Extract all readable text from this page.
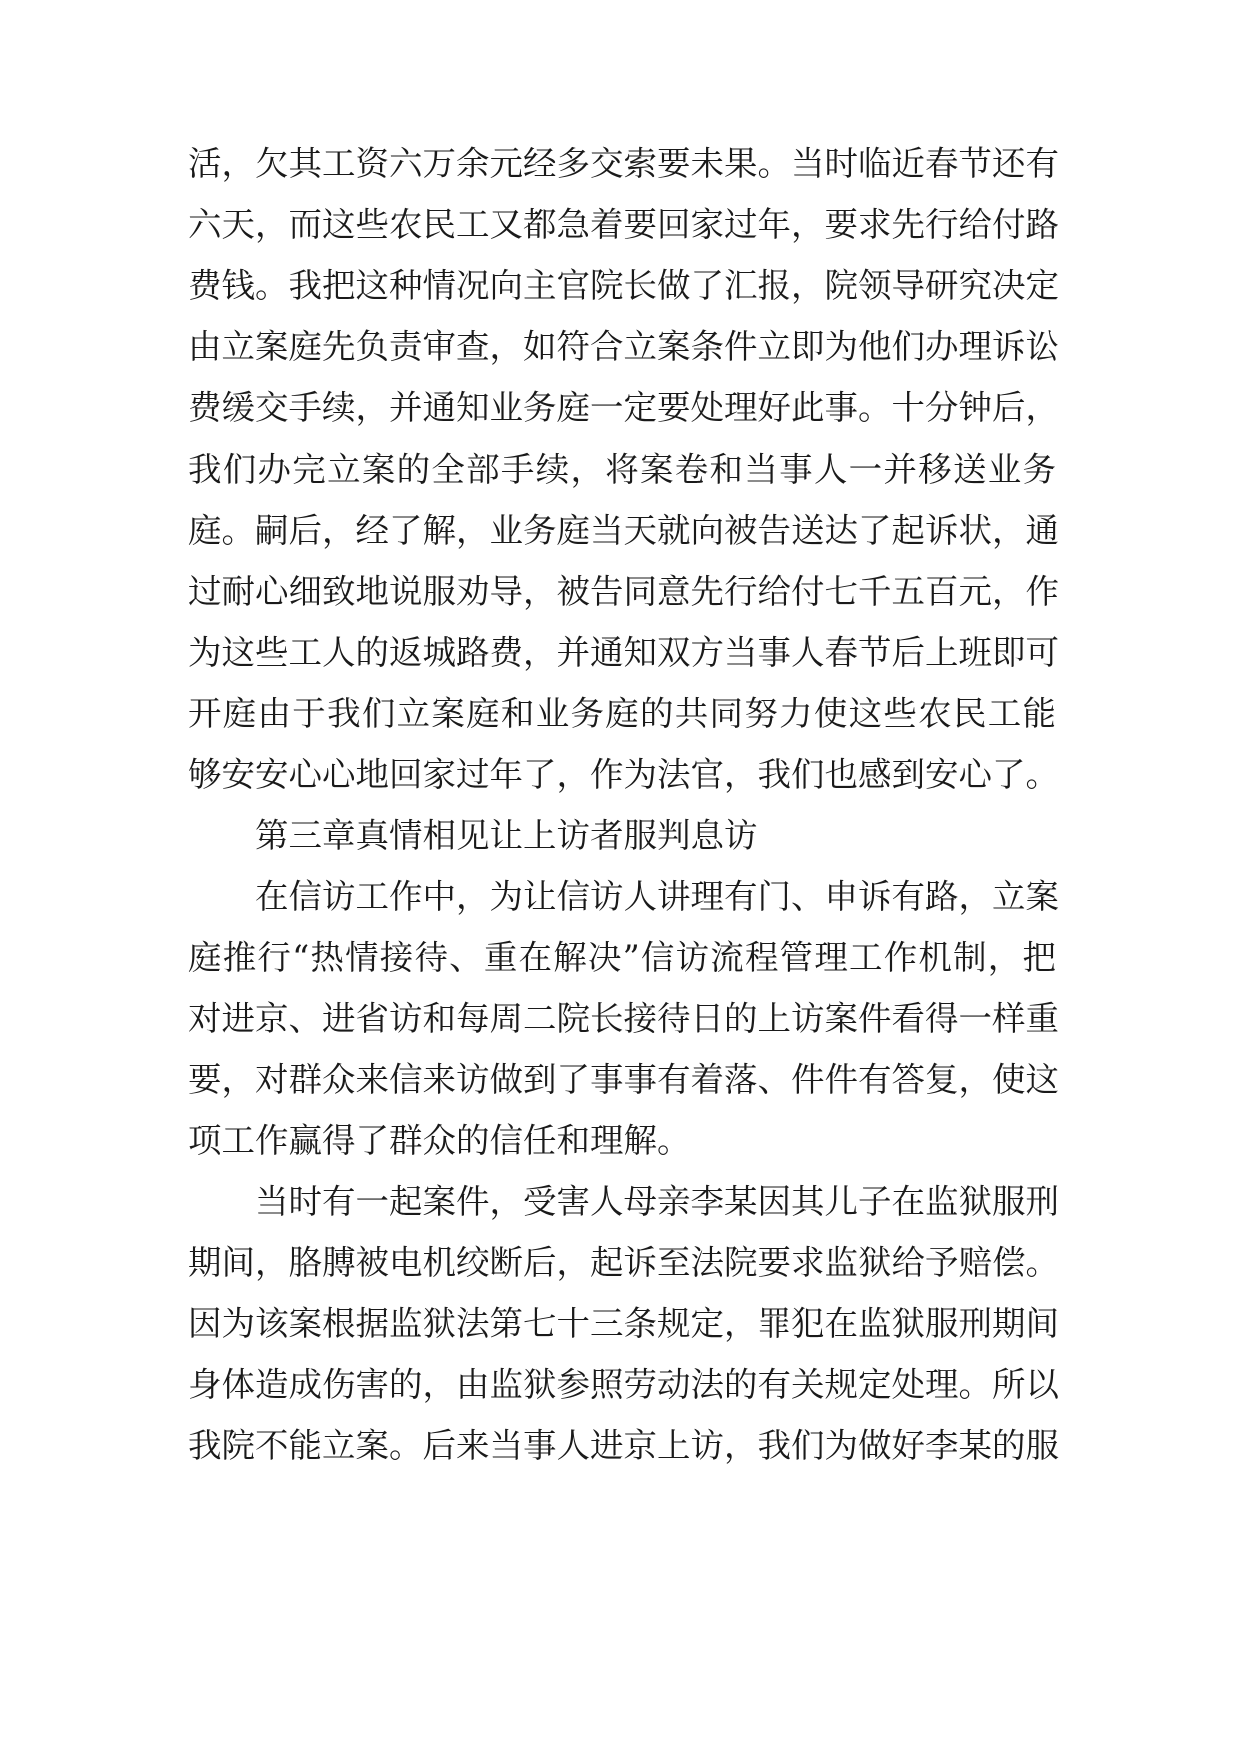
活，欠其工资六万余元经多交索要未果。当时临近春节还有
六天，而这些农民工又都急着要回家过年，要求先行给付路
费钱。我把这种情况向主官院长做了汇报，院领导研究决定
由立案庭先负责审查，如符合立案条件立即为他们办理诉讼
费缓交手续，并通知业务庭一定要处理好此事。十分钟后，
我们办完立案的全部手续，将案卷和当事人一并移送业务
庭。嗣后，经了解，业务庭当天就向被告送达了起诉状，通
过耐心细致地说服劝导，被告同意先行给付七千五百元，作
为这些工人的返城路费，并通知双方当事人春节后上班即可
开庭由于我们立案庭和业务庭的共同努力使这些农民工能
够安安心心地回家过年了，作为法官，我们也感到安心了。
第三章真情相见让上访者服判息访
在信访工作中，为让信访人讲理有门、申诉有路，立案
庭推行“热情接待、重在解决”信访流程管理工作机制，把
对进京、进省访和每周二院长接待日的上访案件看得一样重
要，对群众来信来访做到了事事有着落、件件有答复，使这
项工作赢得了群众的信任和理解。
当时有一起案件，受害人母亲李某因其儿子在监狱服刑
期间，胳膊被电机绞断后，起诉至法院要求监狱给予赔偿。
因为该案根据监狱法第七十三条规定，罪犯在监狱服刑期间
身体造成伤害的，由监狱参照劳动法的有关规定处理。所以
我院不能立案。后来当事人进京上访，我们为做好李某的服
